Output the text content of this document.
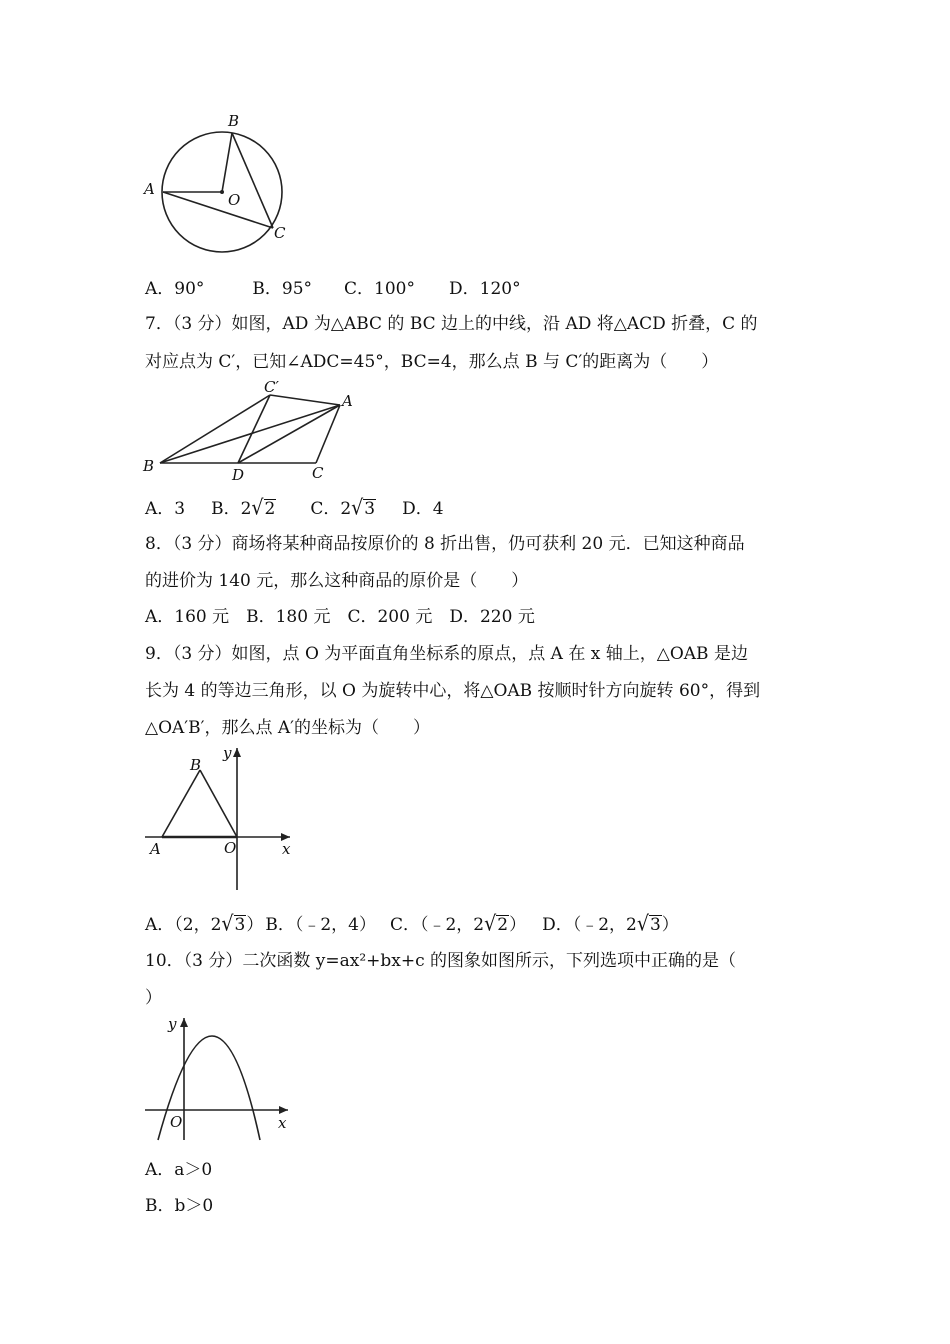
B
A
O
C
A．90°	B．95° C．100° D．120°
7．（3 分）如图，AD 为△ABC 的 BC 边上的中线，沿 AD 将△ACD 折叠，C 的
对应点为 C′，已知∠ADC=45°，BC=4，那么点 B 与 C′的距离为（　　）
C′
A
B	D	C
A．3 B．2√2 C．2√3 D．4
8．（3 分）商场将某种商品按原价的 8 折出售，仍可获利 20 元．已知这种商品
的进价为 140 元，那么这种商品的原价是（　　）
A．160 元　B．180 元　C．200 元　D．220 元
9．（3 分）如图，点 O 为平面直角坐标系的原点，点 A 在 x 轴上，△OAB 是边
长为 4 的等边三角形，以 O 为旋转中心，将△OAB 按顺时针方向旋转 60°，得到
△OA′B′，那么点 A′的坐标为（　　）
y
B
A	O	x
A．（2，2√3） B．（﹣2，4） C．（﹣2，2√2） D．（﹣2，2√3）
10．（3 分）二次函数 y=ax²+bx+c 的图象如图所示，下列选项中正确的是（
）
y
O	x
A．a＞0
B．b＞0
